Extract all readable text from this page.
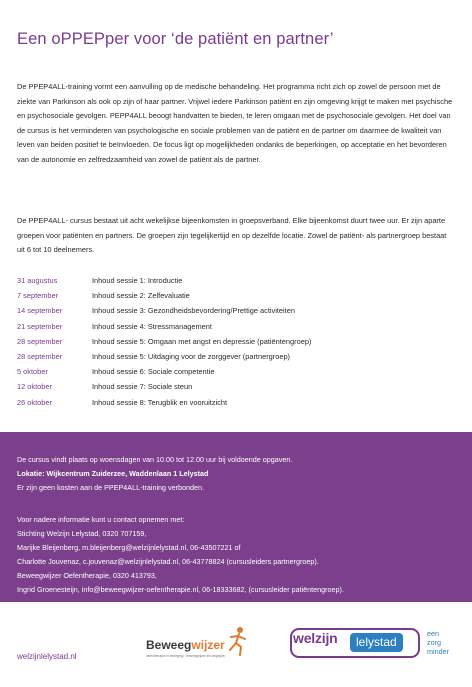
Een oPPEPper voor ‘de patiënt en partner’

De PPEP4ALL-training vormt een aanvulling op de medische behandeling. Het programma richt zich op zowel de persoon met de ziekte van Parkinson als ook op zijn of haar partner. Vrijwel iedere Parkinson patiënt en zijn omgeving krijgt te maken met psychische en psychosociale gevolgen. PEPP4ALL beoogt handvatten te bieden, te leren omgaan met de psychosociale gevolgen. Het doel van de cursus is het verminderen van psychologische en sociale problemen van de patiënt en de partner om daarmee de kwaliteit van leven van beiden positief te beïnvloeden. De focus ligt op mogelijkheden ondanks de beperkingen, op acceptatie en het bevorderen van de autonomie en zelfredzaamheid van zowel de patiënt als de partner.

De PPEP4ALL- cursus bestaat uit acht wekelijkse bijeenkomsten in groepsverband. Elke bijeenkomst duurt twee uur. Er zijn aparte groepen voor patiënten en partners. De groepen zijn tegelijkertijd en op dezelfde locatie. Zowel de patiënt- als partnergroep bestaat uit 6 tot 10 deelnemers.

31 augustus	Inhoud sessie 1: Introductie
7 september	Inhoud sessie 2: Zelfevaluatie
14 september	Inhoud sessie 3: Gezondheidsbevordering/Prettige activiteiten
21 september	Inhoud sessie 4: Stressmanagement
28 september	Inhoud sessie 5: Omgaan met angst en depressie (patiëntengroep)
28 september	Inhoud sessie 5: Uitdaging voor de zorggever (partnergroep)
5 oktober	Inhoud sessie 6: Sociale competentie
12 oktober	Inhoud sessie 7: Sociale steun
26 oktober	Inhoud sessie 8: Terugblik en vooruitzicht

De cursus vindt plaats op woensdagen van 10.00 tot 12.00 uur bij voldoende opgaven.

Lokatie: Wijkcentrum Zuiderzee, Waddenlaan 1 Lelystad

Er zijn geen kosten aan de PPEP4ALL-training verbonden.

Voor nadere informatie kunt u contact opnemen met:

Stichting Welzijn Lelystad, 0320 707159,

Marijke Bleijenberg, m.bleijenberg@welzijnlelystad.nl, 06-43507221 of

Charlotte Jouvenaz, c.jouvenaz@welzijnlelystad.nl, 06-43778824 (cursusleiders partnergroep).

Beweegwijzer Oefentherapie, 0320 413793,

Ingrid Groenesteijn, info@beweegwijzer-oefentherapie.nl, 06-18333682, (cursusleider patiëntengroep).

welzijnlelystad.nl
Beweegwijzer
oefentherapie in beweging · beweegwijzer als wegwijzer
welzijn	lelystad
een
zorg
minder
